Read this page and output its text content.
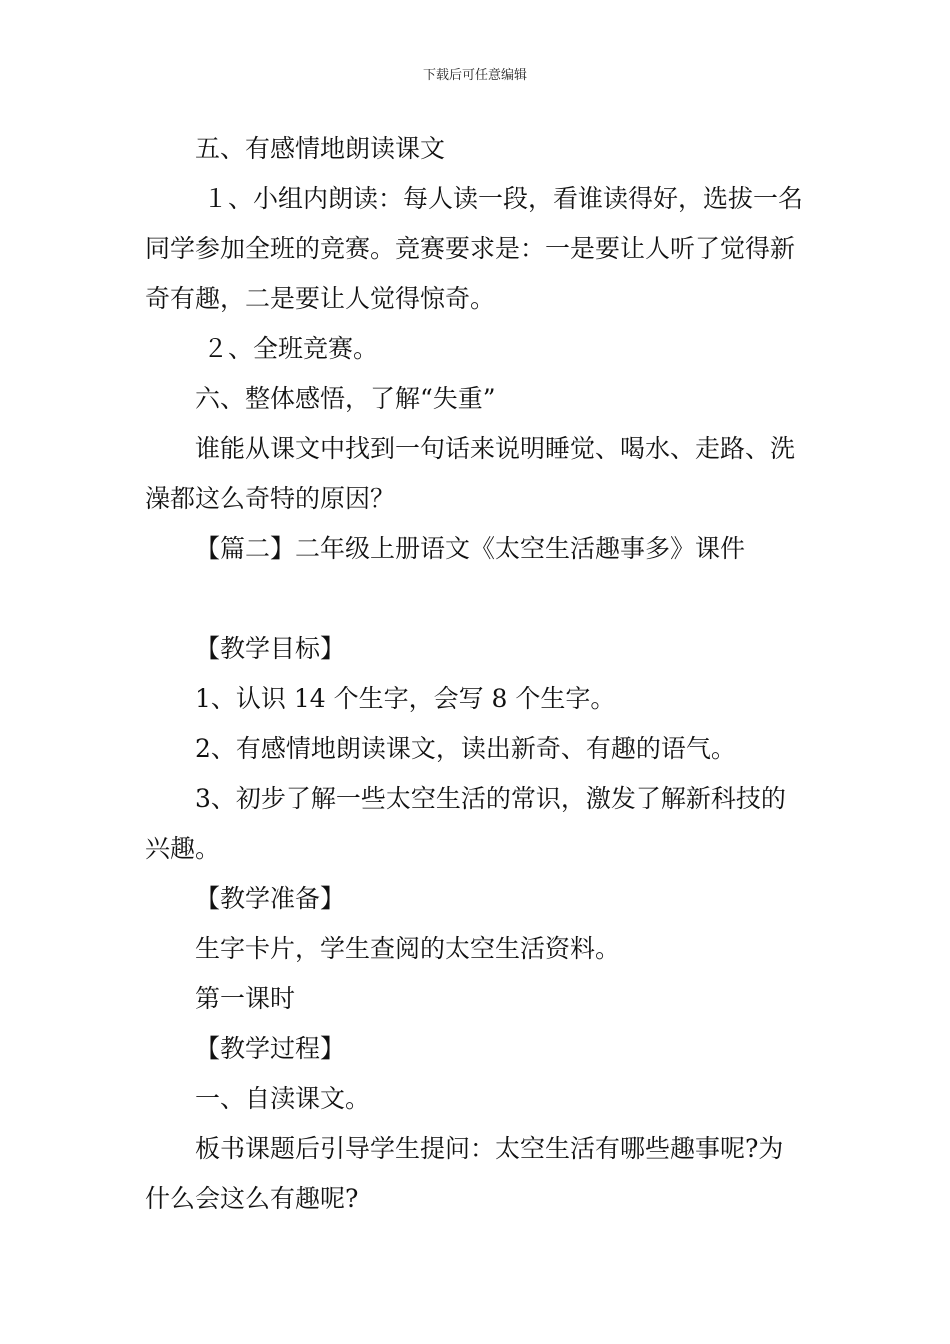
下载后可任意编辑

五、有感情地朗读课文

１、小组内朗读：每人读一段，看谁读得好，选拔一名同学参加全班的竞赛。竞赛要求是：一是要让人听了觉得新奇有趣，二是要让人觉得惊奇。

２、全班竞赛。

六、整体感悟，了解“失重”

谁能从课文中找到一句话来说明睡觉、喝水、走路、洗澡都这么奇特的原因？

【篇二】二年级上册语文《太空生活趣事多》课件

【教学目标】

1、认识 14 个生字，会写 8 个生字。

2、有感情地朗读课文，读出新奇、有趣的语气。

3、初步了解一些太空生活的常识，激发了解新科技的兴趣。

【教学准备】

生字卡片，学生查阅的太空生活资料。

第一课时

【教学过程】

一、自渎课文。

板书课题后引导学生提问：太空生活有哪些趣事呢?为什么会这么有趣呢?
